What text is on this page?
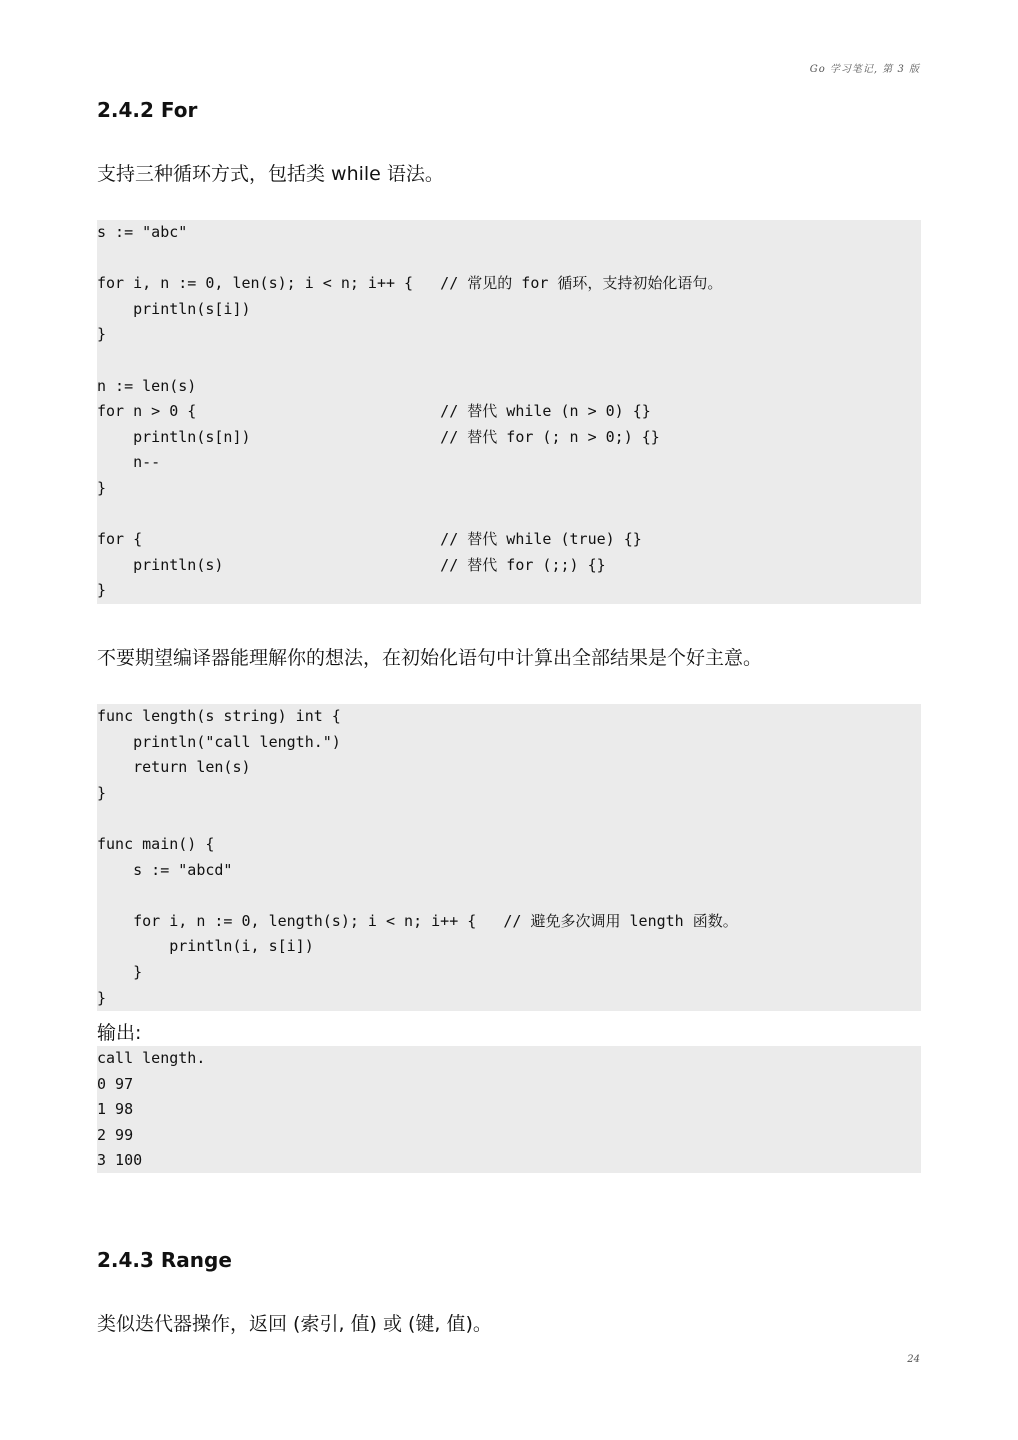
Go 学习笔记, 第 3 版
2.4.2 For

支持三种循环方式，包括类 while 语法。

s := "abc"
for i, n := 0, len(s); i < n; i++ {   // 常见的 for 循环，支持初始化语句。
println(s[i])
}
n := len(s)
for n > 0 {                           // 替代 while (n > 0) {}
println(s[n])                     // 替代 for (; n > 0;) {}
n--
}
for {                                 // 替代 while (true) {}
println(s)                        // 替代 for (;;) {}
}

不要期望编译器能理解你的想法，在初始化语句中计算出全部结果是个好主意。

func length(s string) int {
println("call length.")
return len(s)
}
func main() {
s := "abcd"
for i, n := 0, length(s); i < n; i++ {   // 避免多次调用 length 函数。
println(i, s[i])
}
}

输出:

call length.
0 97
1 98
2 99
3 100
2.4.3 Range

类似迭代器操作，返回 (索引, 值) 或 (键, 值)。

24
